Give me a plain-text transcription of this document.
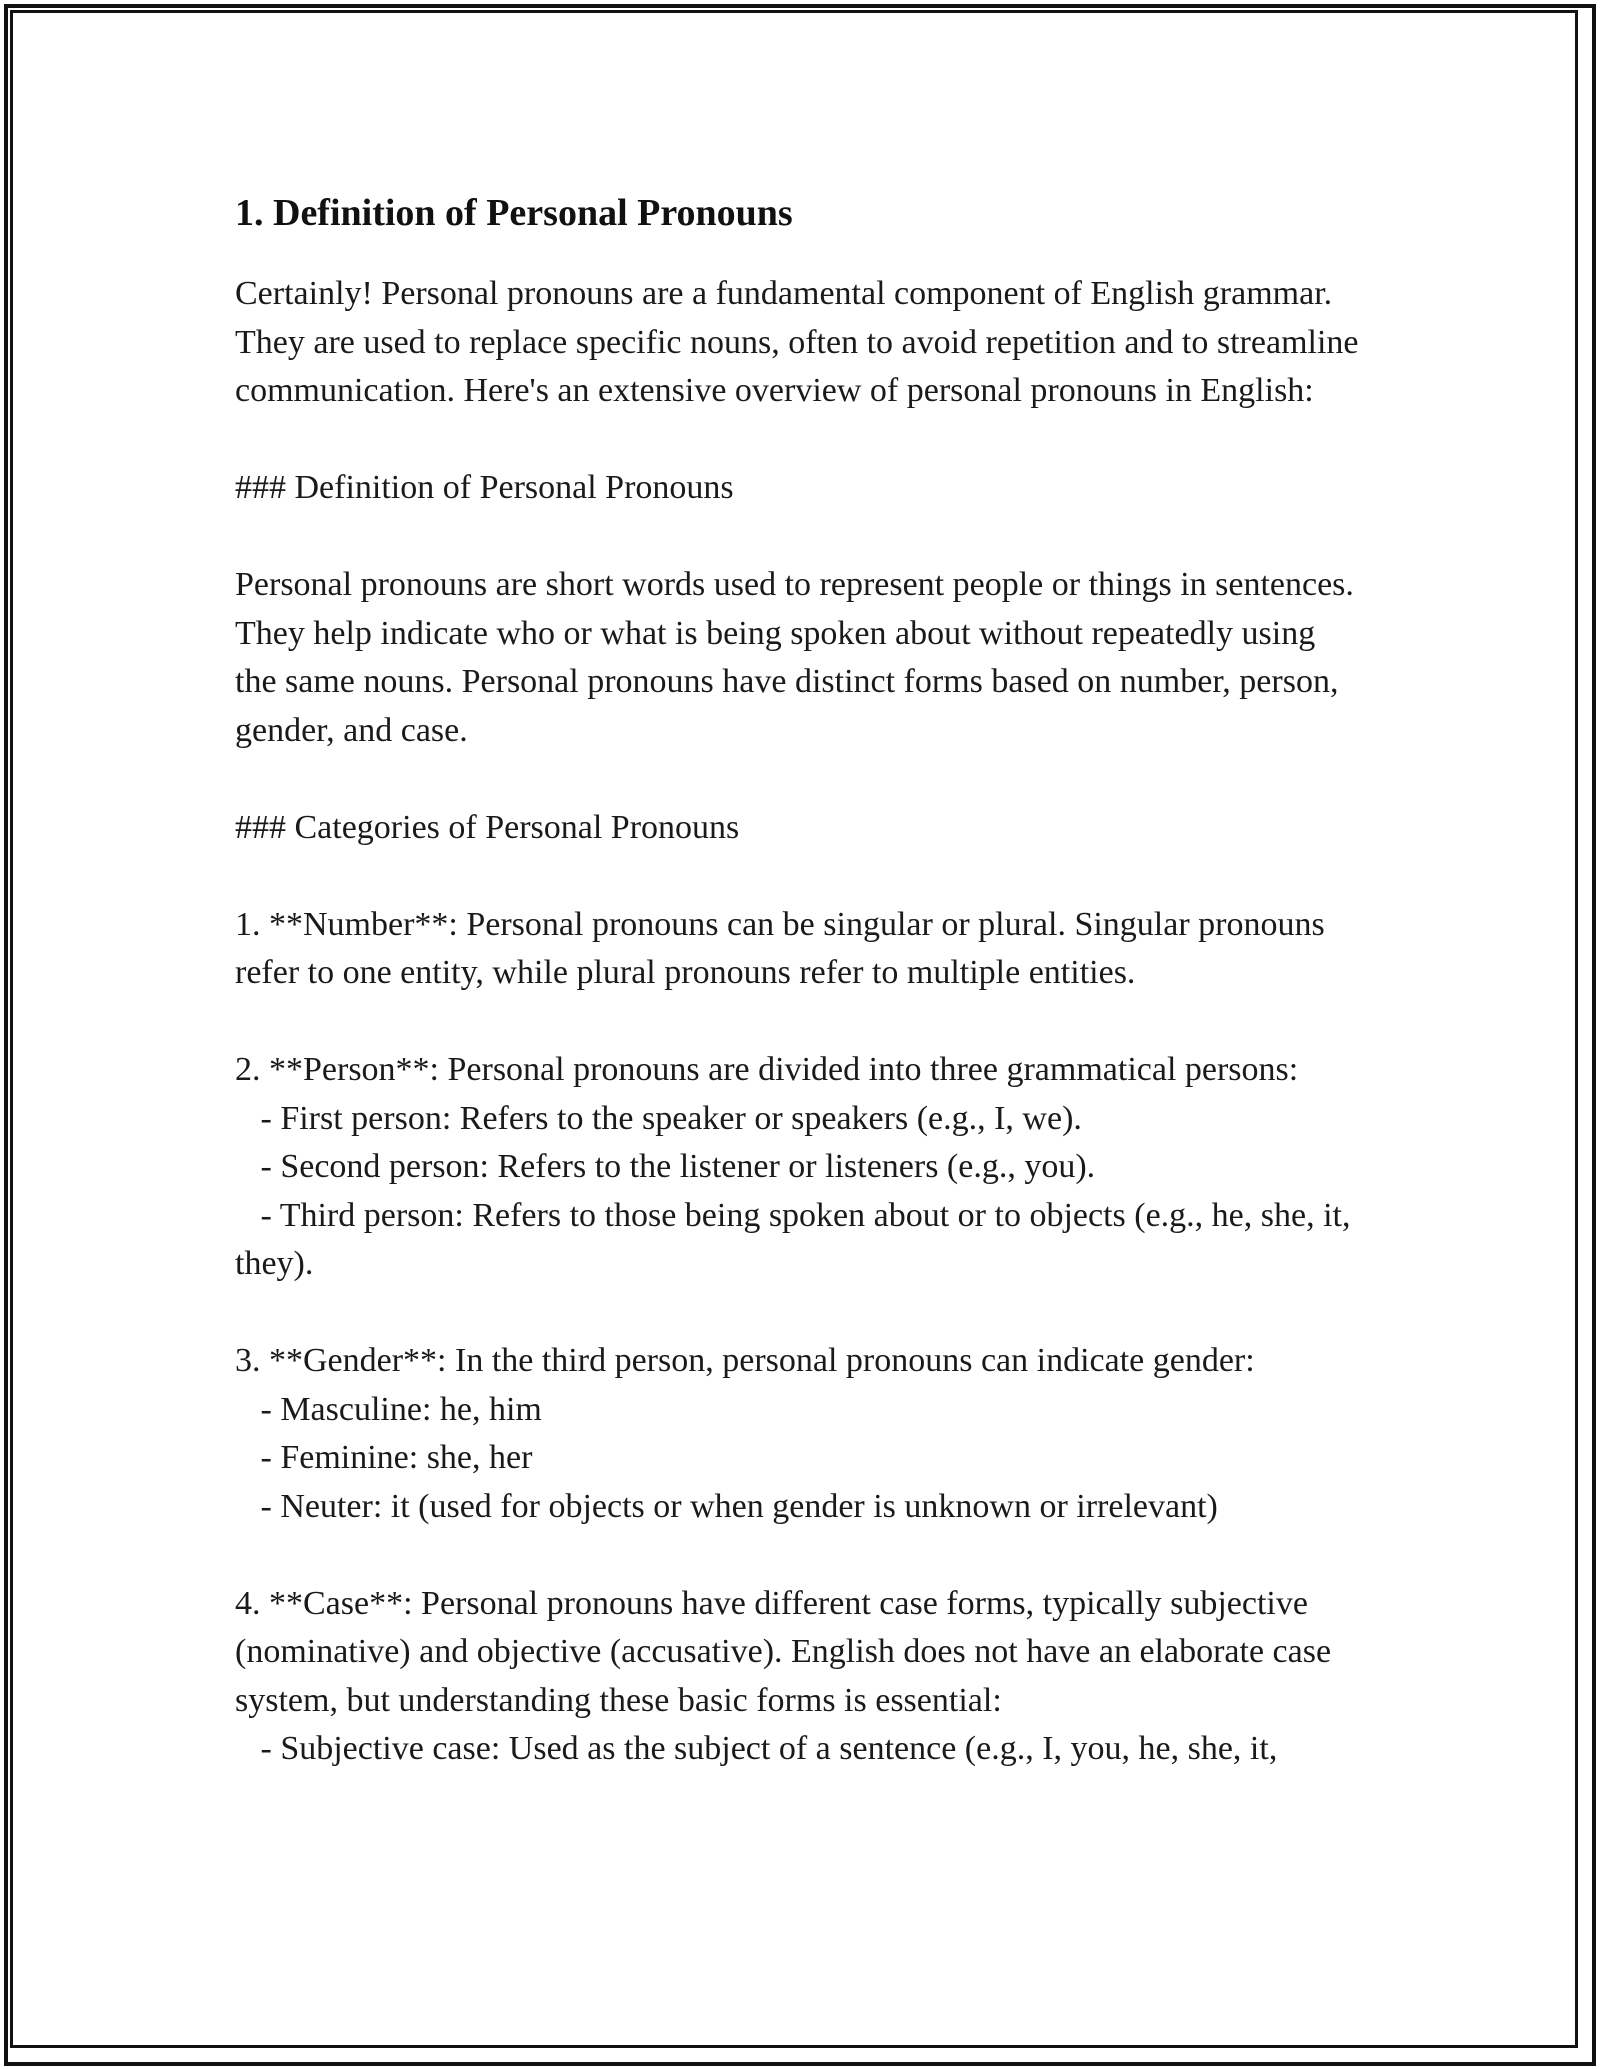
1. Definition of Personal Pronouns

Certainly! Personal pronouns are a fundamental component of English grammar. They are used to replace specific nouns, often to avoid repetition and to streamline communication. Here's an extensive overview of personal pronouns in English:

### Definition of Personal Pronouns

Personal pronouns are short words used to represent people or things in sentences. They help indicate who or what is being spoken about without repeatedly using the same nouns. Personal pronouns have distinct forms based on number, person, gender, and case.

### Categories of Personal Pronouns

1. **Number**: Personal pronouns can be singular or plural. Singular pronouns refer to one entity, while plural pronouns refer to multiple entities.

2. **Person**: Personal pronouns are divided into three grammatical persons:
- First person: Refers to the speaker or speakers (e.g., I, we).
- Second person: Refers to the listener or listeners (e.g., you).
- Third person: Refers to those being spoken about or to objects (e.g., he, she, it, they).

3. **Gender**: In the third person, personal pronouns can indicate gender:
- Masculine: he, him
- Feminine: she, her
- Neuter: it (used for objects or when gender is unknown or irrelevant)

4. **Case**: Personal pronouns have different case forms, typically subjective (nominative) and objective (accusative). English does not have an elaborate case system, but understanding these basic forms is essential:
- Subjective case: Used as the subject of a sentence (e.g., I, you, he, she, it,
